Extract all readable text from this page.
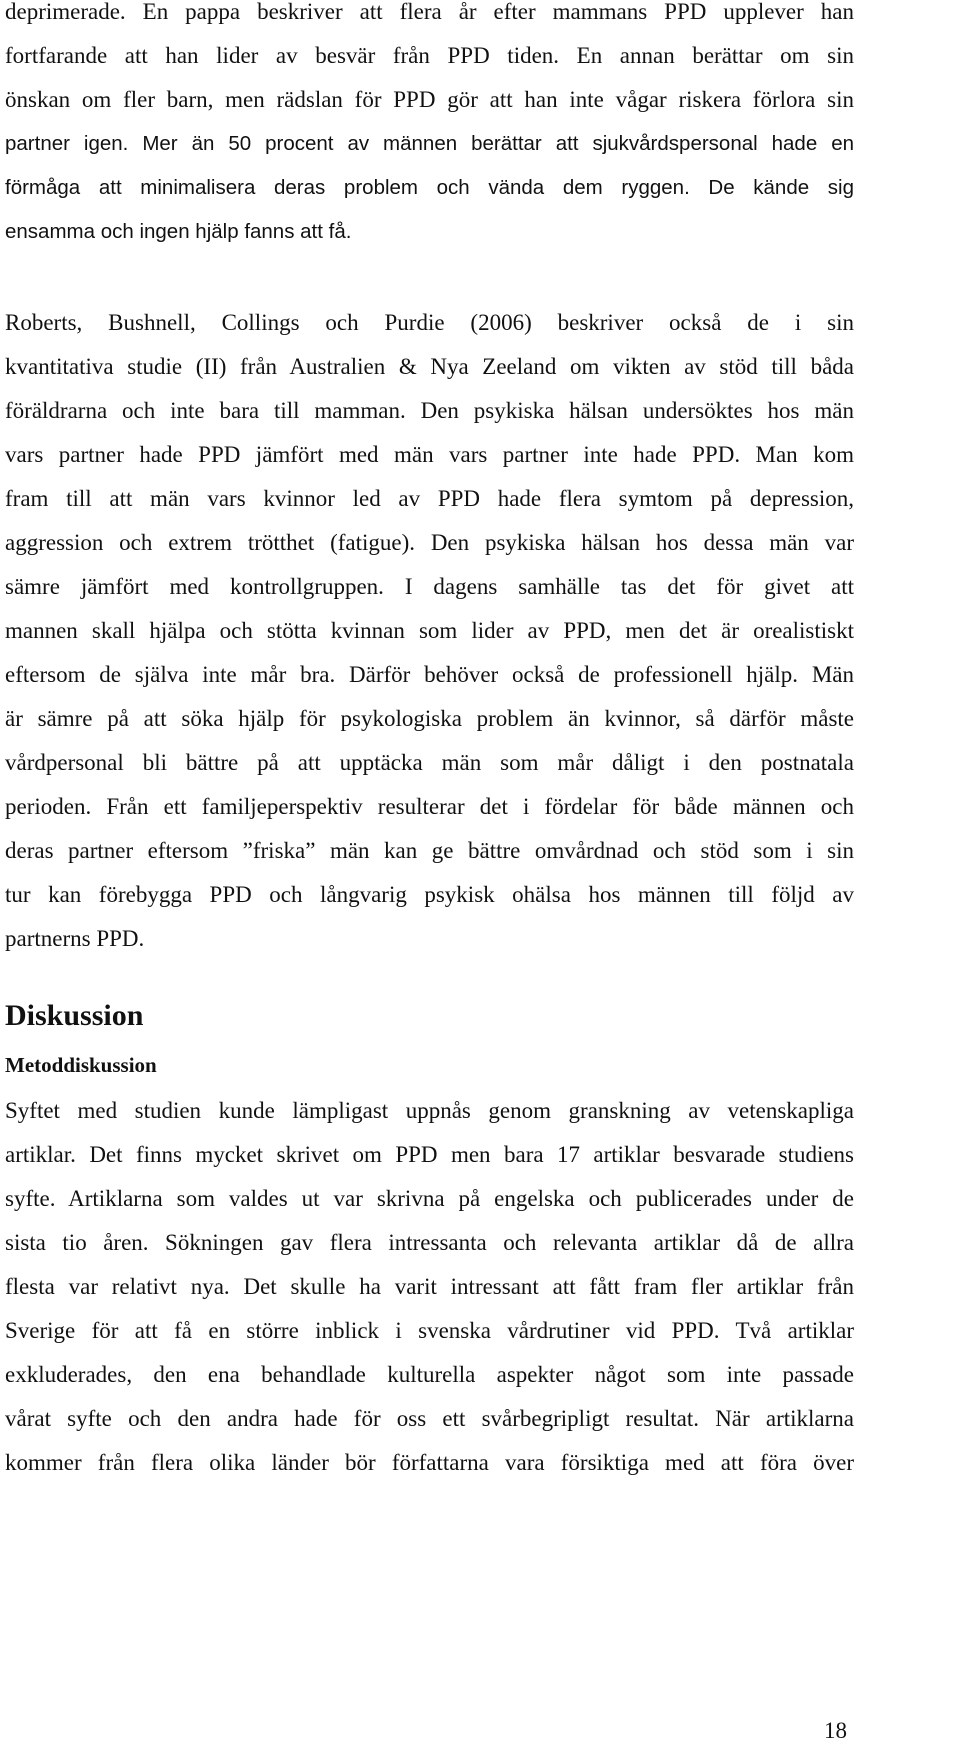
deprimerade. En pappa beskriver att flera år efter mammans PPD upplever han
fortfarande att han lider av besvär från PPD tiden. En annan berättar om sin
önskan om fler barn, men rädslan för PPD gör att han inte vågar riskera förlora sin
partner igen. Mer än 50 procent av männen berättar att sjukvårdspersonal hade en
förmåga att minimalisera deras problem och vända dem ryggen. De kände sig
ensamma och ingen hjälp fanns att få.
Roberts, Bushnell, Collings och Purdie (2006) beskriver också de i sin
kvantitativa studie (II) från Australien & Nya Zeeland om vikten av stöd till båda
föräldrarna och inte bara till mamman. Den psykiska hälsan undersöktes hos män
vars partner hade PPD jämfört med män vars partner inte hade PPD. Man kom
fram till att män vars kvinnor led av PPD hade flera symtom på depression,
aggression och extrem trötthet (fatigue). Den psykiska hälsan hos dessa män var
sämre jämfört med kontrollgruppen. I dagens samhälle tas det för givet att
mannen skall hjälpa och stötta kvinnan som lider av PPD, men det är orealistiskt
eftersom de själva inte mår bra. Därför behöver också de professionell hjälp. Män
är sämre på att söka hjälp för psykologiska problem än kvinnor, så därför måste
vårdpersonal bli bättre på att upptäcka män som mår dåligt i den postnatala
perioden. Från ett familjeperspektiv resulterar det i fördelar för både männen och
deras partner eftersom ”friska” män kan ge bättre omvårdnad och stöd som i sin
tur kan förebygga PPD och långvarig psykisk ohälsa hos männen till följd av
partnerns PPD.
Diskussion
Metoddiskussion
Syftet med studien kunde lämpligast uppnås genom granskning av vetenskapliga
artiklar. Det finns mycket skrivet om PPD men bara 17 artiklar besvarade studiens
syfte. Artiklarna som valdes ut var skrivna på engelska och publicerades under de
sista tio åren. Sökningen gav flera intressanta och relevanta artiklar då de allra
flesta var relativt nya. Det skulle ha varit intressant att fått fram fler artiklar från
Sverige för att få en större inblick i svenska vårdrutiner vid PPD. Två artiklar
exkluderades, den ena behandlade kulturella aspekter något som inte passade
vårat syfte och den andra hade för oss ett svårbegripligt resultat. När artiklarna
kommer från flera olika länder bör författarna vara försiktiga med att föra över
18
